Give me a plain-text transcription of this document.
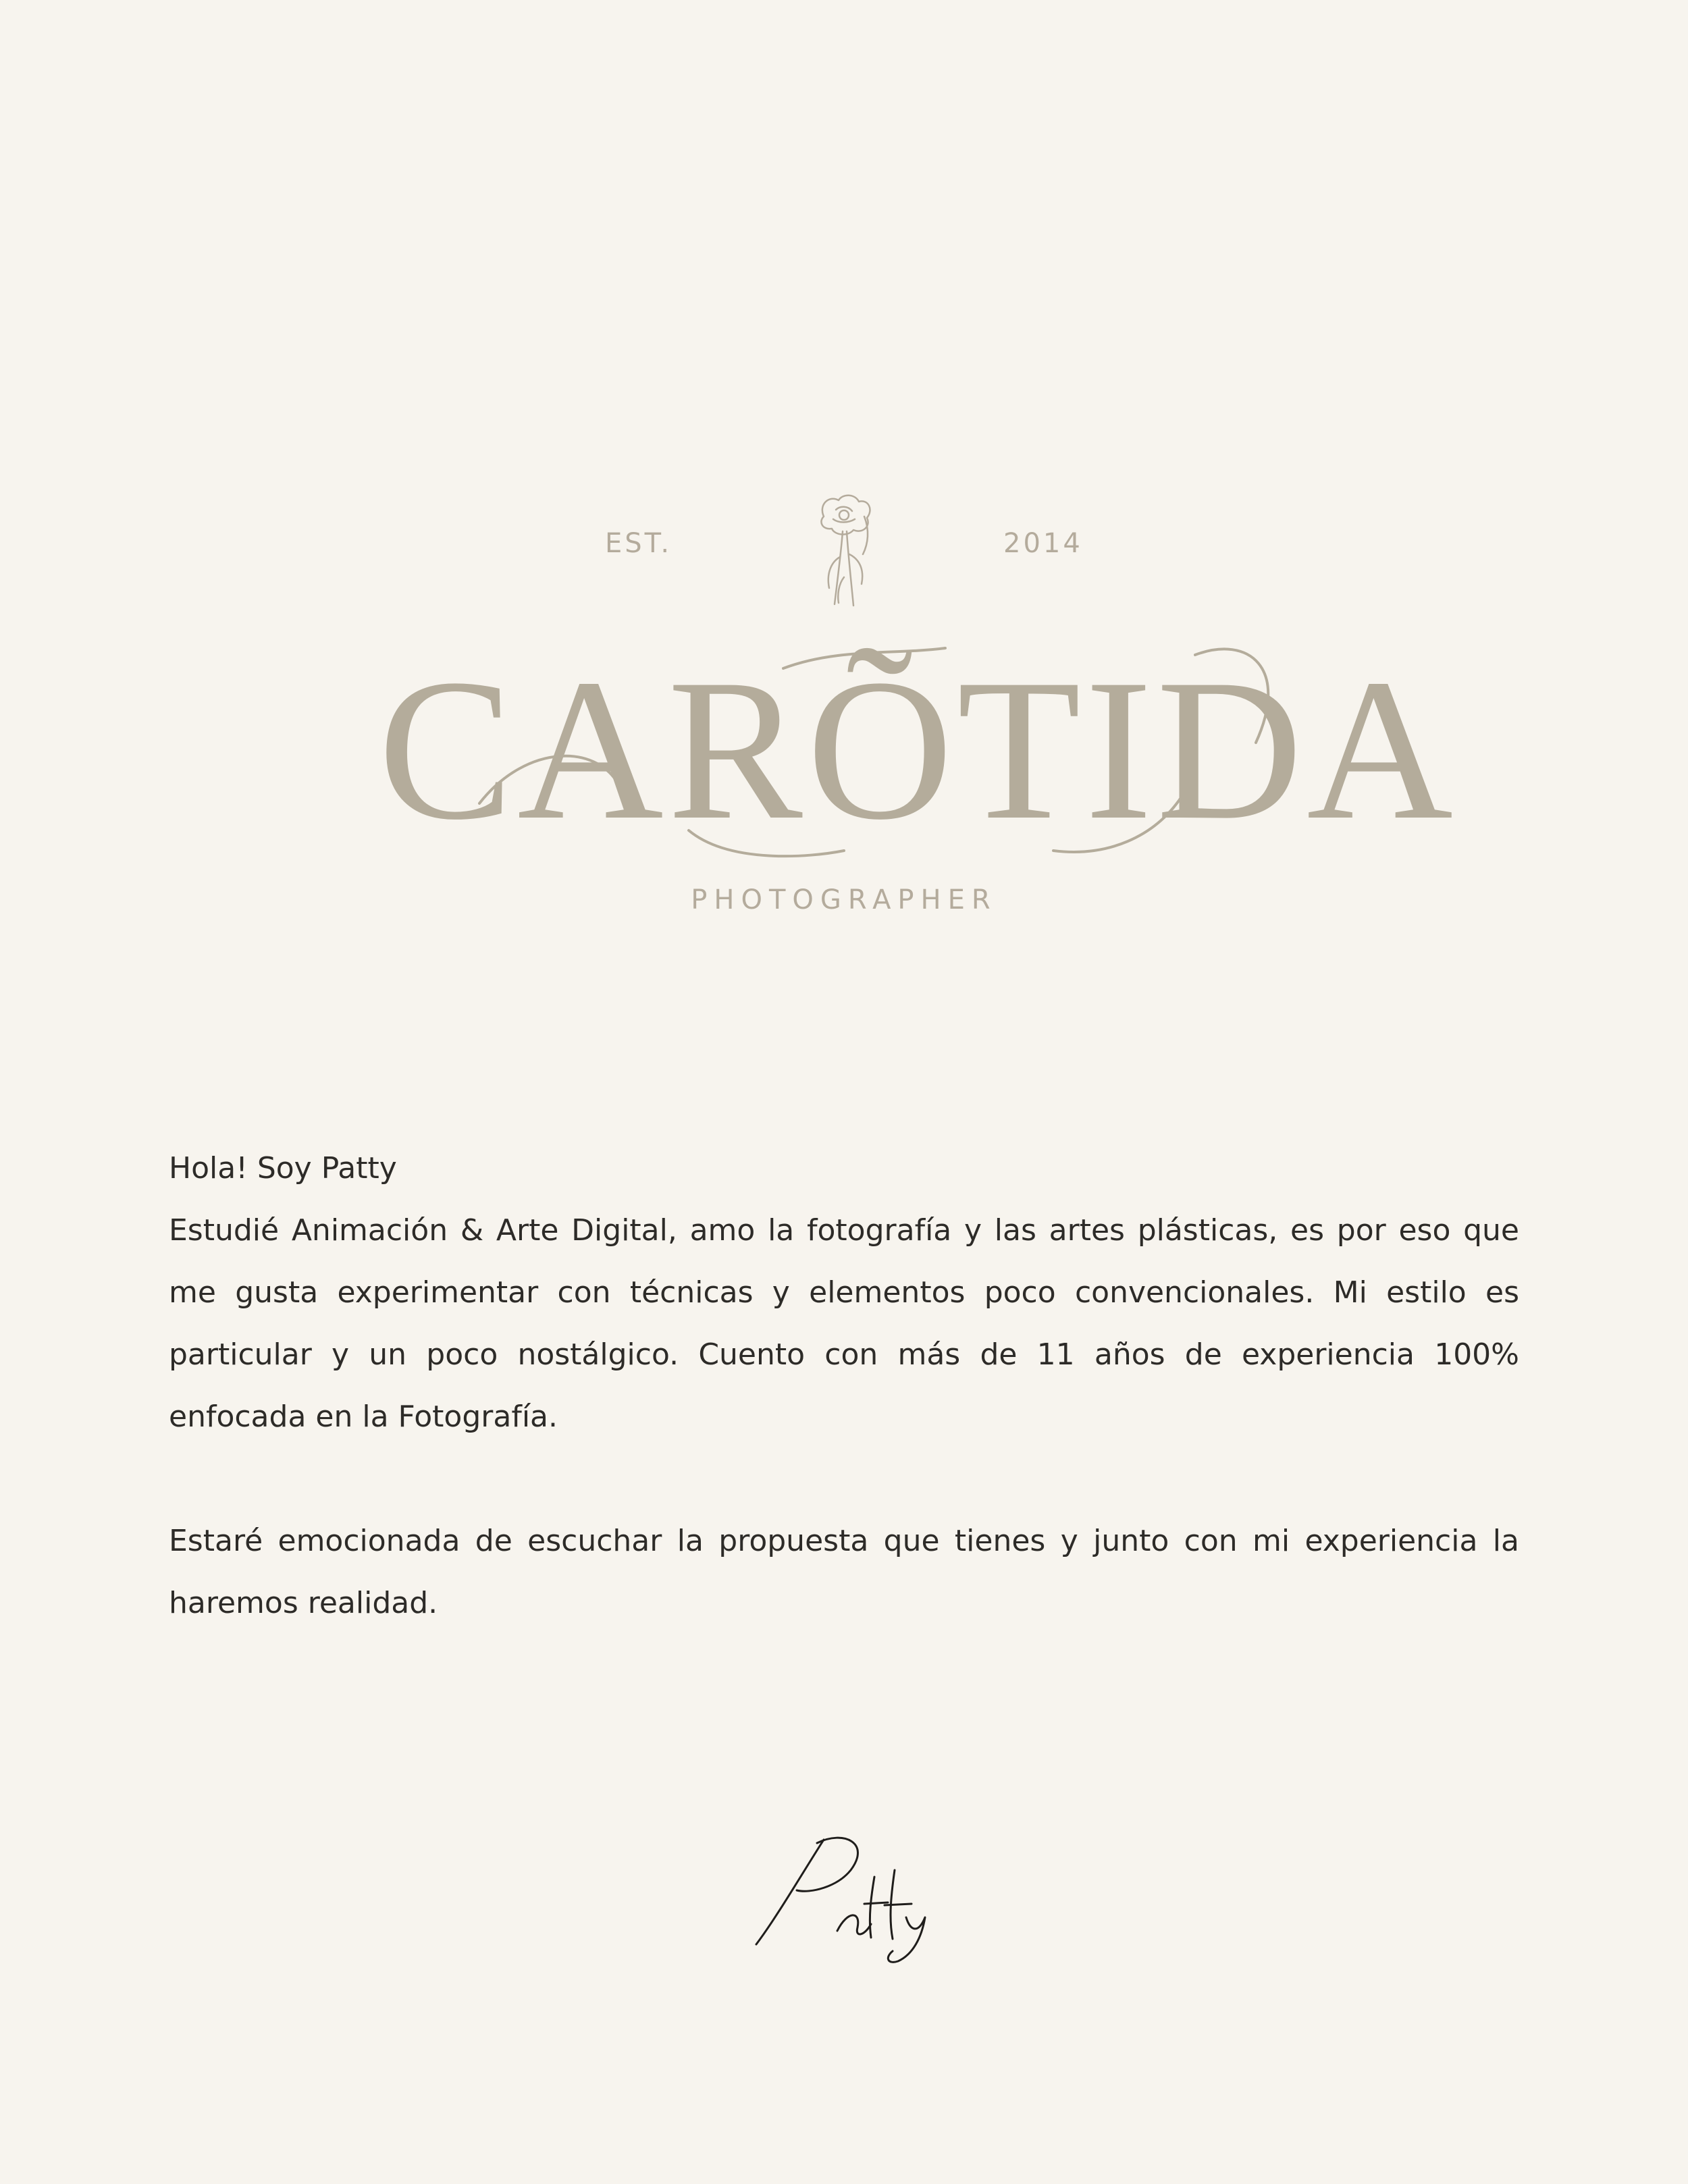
EST.	2014
CARÕTIDA
PHOTOGRAPHER

Hola! Soy Patty

Estudié Animación & Arte Digital, amo la fotografía y las artes plásticas, es por eso que me gusta experimentar con técnicas y elementos poco convencionales. Mi estilo es particular y un poco nostálgico. Cuento con más de 11 años de experiencia 100% enfocada en la Fotografía.

Estaré emocionada de escuchar la propuesta que tienes y junto con mi experiencia la haremos realidad.
